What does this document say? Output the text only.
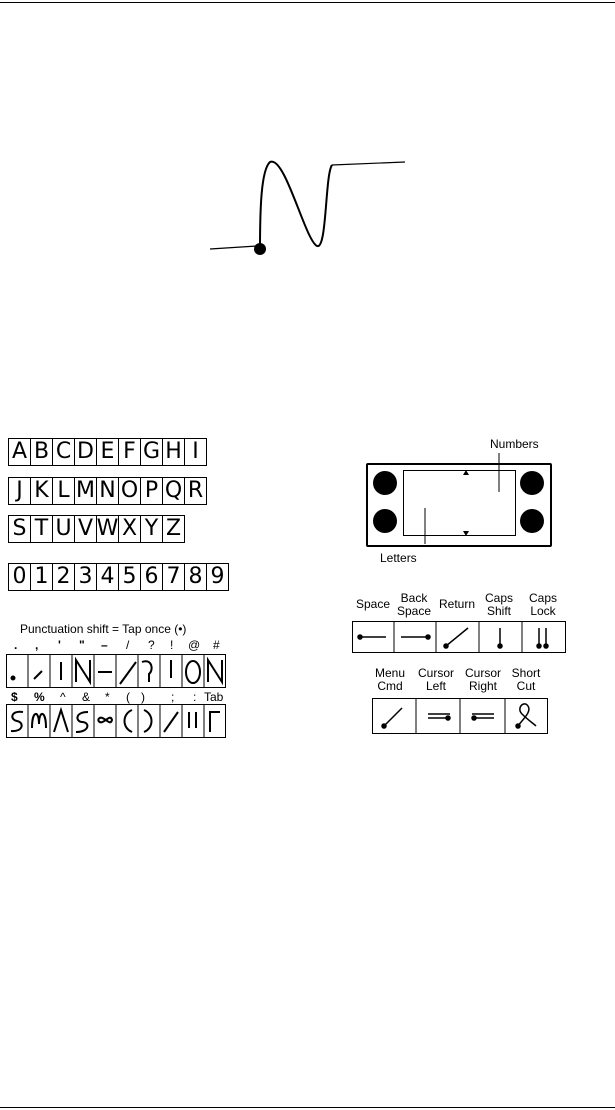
A B C D E F G H I
J K L M N O P Q R
S T U V W X Y Z
0 1 2 3 4 5 6 7 8 9
Punctuation shift = Tap once (•)
. , ' " – / ? ! @ #
$ % ^ & * ( ) ; : Tab
Numbers
Letters
Space Back
Space Return Caps
Shift
Caps
Lock
Menu
Cmd
Cursor
Left
Cursor
Right
Short
Cut
